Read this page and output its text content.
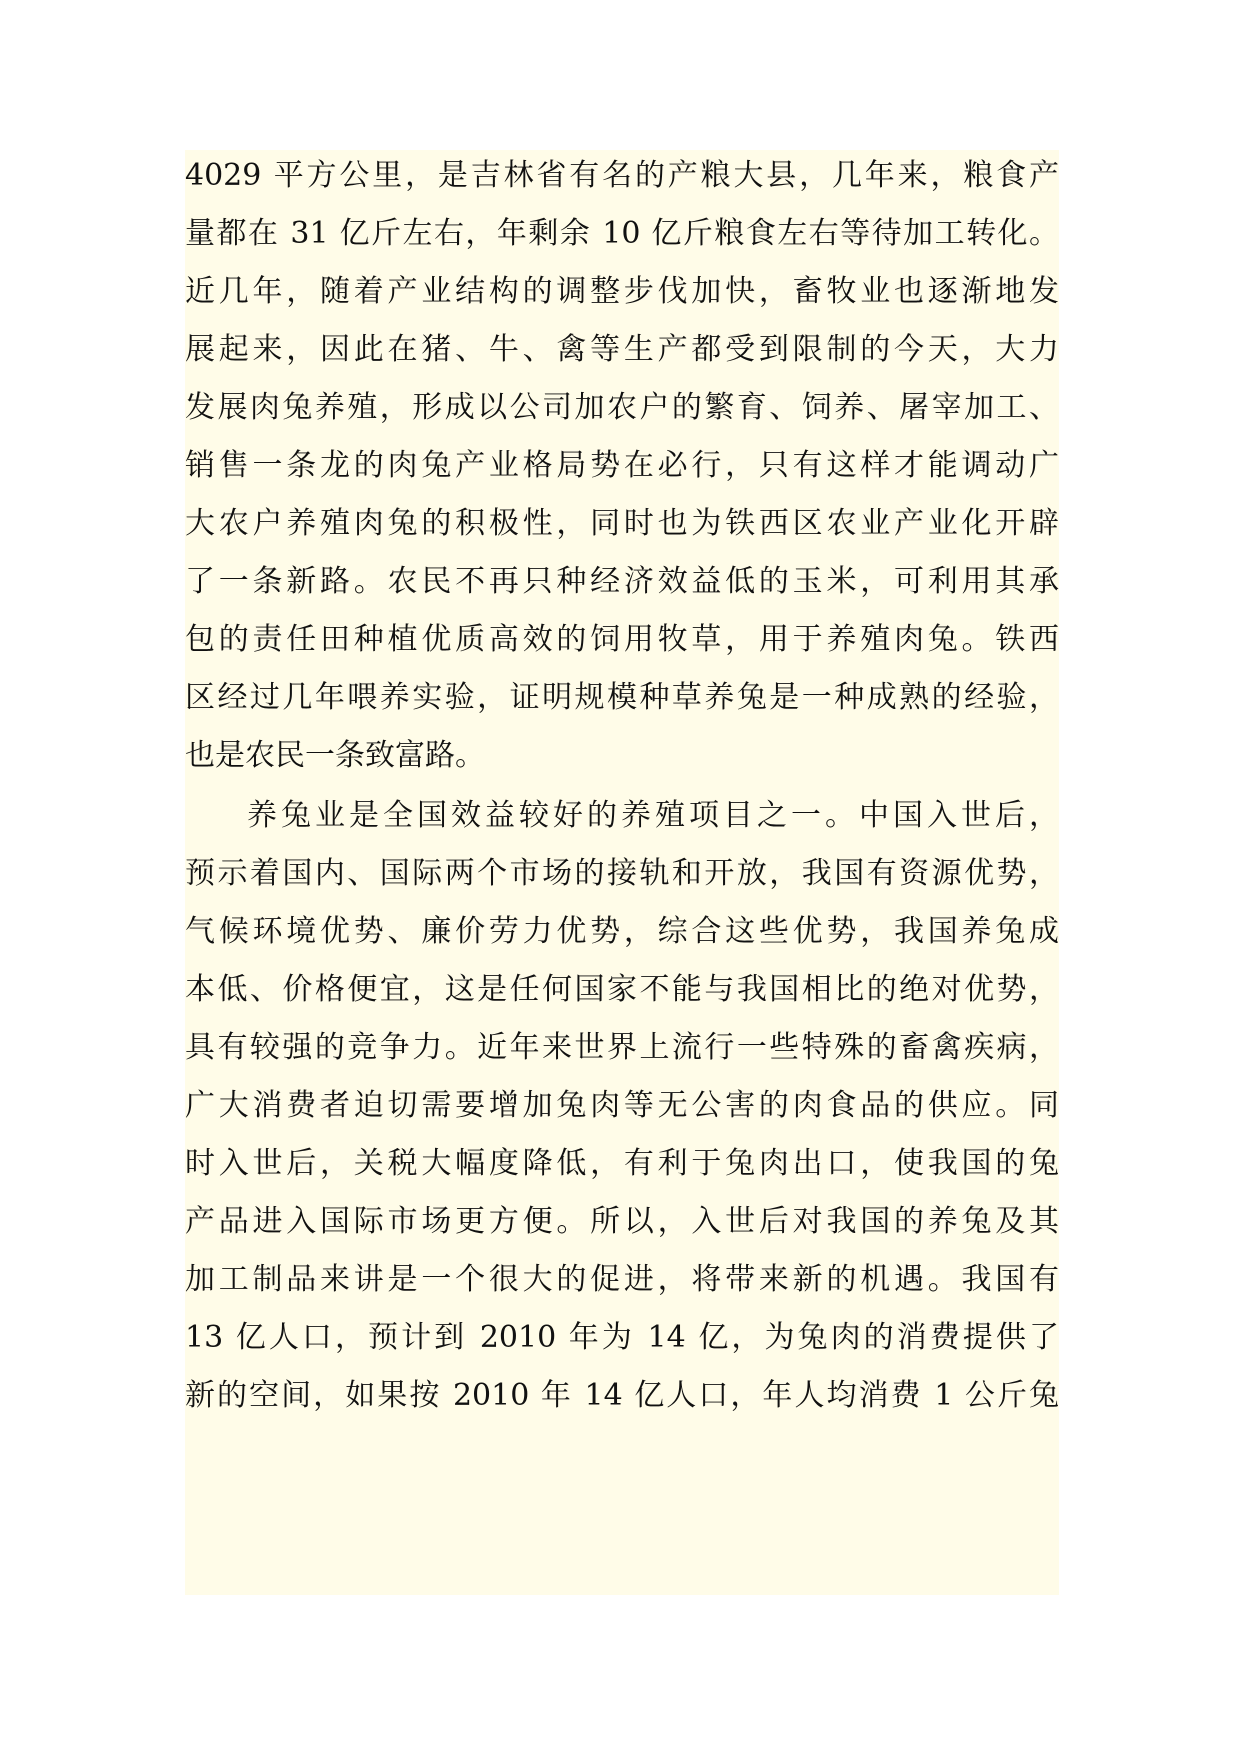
4029 平方公里，是吉林省有名的产粮大县，几年来，粮食产
量都在 31 亿斤左右，年剩余 10 亿斤粮食左右等待加工转化。
近几年，随着产业结构的调整步伐加快，畜牧业也逐渐地发
展起来，因此在猪、牛、禽等生产都受到限制的今天，大力
发展肉兔养殖，形成以公司加农户的繁育、饲养、屠宰加工、
销售一条龙的肉兔产业格局势在必行，只有这样才能调动广
大农户养殖肉兔的积极性，同时也为铁西区农业产业化开辟
了一条新路。农民不再只种经济效益低的玉米，可利用其承
包的责任田种植优质高效的饲用牧草，用于养殖肉兔。铁西
区经过几年喂养实验，证明规模种草养兔是一种成熟的经验，
也是农民一条致富路。
养兔业是全国效益较好的养殖项目之一。中国入世后，
预示着国内、国际两个市场的接轨和开放，我国有资源优势，
气候环境优势、廉价劳力优势，综合这些优势，我国养兔成
本低、价格便宜，这是任何国家不能与我国相比的绝对优势，
具有较强的竞争力。近年来世界上流行一些特殊的畜禽疾病，
广大消费者迫切需要增加兔肉等无公害的肉食品的供应。同
时入世后，关税大幅度降低，有利于兔肉出口，使我国的兔
产品进入国际市场更方便。所以，入世后对我国的养兔及其
加工制品来讲是一个很大的促进，将带来新的机遇。我国有
13 亿人口，预计到 2010 年为 14 亿，为兔肉的消费提供了
新的空间，如果按 2010 年 14 亿人口，年人均消费 1 公斤兔
